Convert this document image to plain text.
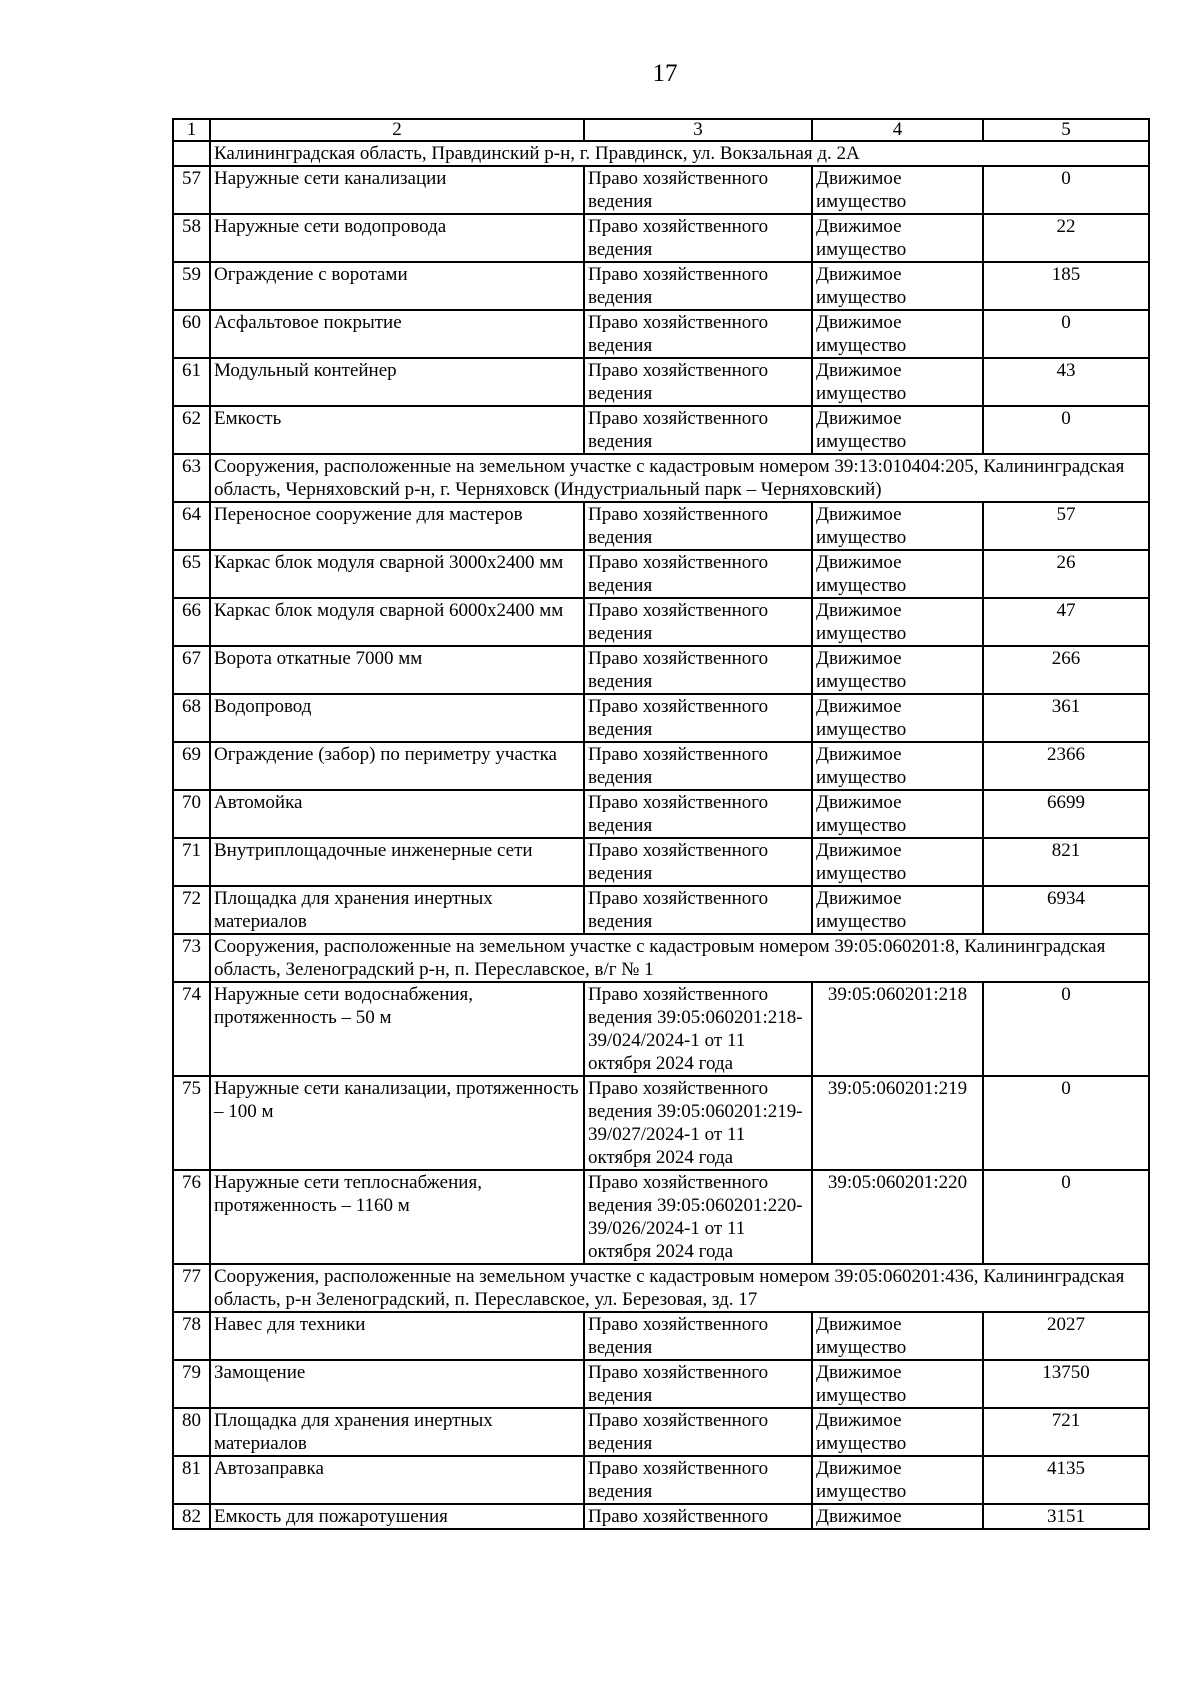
17
1	2	3	4	5
	Калининградская область, Правдинский р-н, г. Правдинск, ул. Вокзальная д. 2А			
57	Наружные сети канализации	Право хозяйственного ведения	Движимое имущество	0
58	Наружные сети водопровода	Право хозяйственного ведения	Движимое имущество	22
59	Ограждение с воротами	Право хозяйственного ведения	Движимое имущество	185
60	Асфальтовое покрытие	Право хозяйственного ведения	Движимое имущество	0
61	Модульный контейнер	Право хозяйственного ведения	Движимое имущество	43
62	Емкость	Право хозяйственного ведения	Движимое имущество	0
63	Сооружения, расположенные на земельном участке с кадастровым номером 39:13:010404:205, Калининградская область, Черняховский р-н, г. Черняховск (Индустриальный парк – Черняховский)			
64	Переносное сооружение для мастеров	Право хозяйственного ведения	Движимое имущество	57
65	Каркас блок модуля сварной 3000х2400 мм	Право хозяйственного ведения	Движимое имущество	26
66	Каркас блок модуля сварной 6000х2400 мм	Право хозяйственного ведения	Движимое имущество	47
67	Ворота откатные 7000 мм	Право хозяйственного ведения	Движимое имущество	266
68	Водопровод	Право хозяйственного ведения	Движимое имущество	361
69	Ограждение (забор) по периметру участка	Право хозяйственного ведения	Движимое имущество	2366
70	Автомойка	Право хозяйственного ведения	Движимое имущество	6699
71	Внутриплощадочные инженерные сети	Право хозяйственного ведения	Движимое имущество	821
72	Площадка для хранения инертных материалов	Право хозяйственного ведения	Движимое имущество	6934
73	Сооружения, расположенные на земельном участке с кадастровым номером 39:05:060201:8, Калининградская область, Зеленоградский р-н, п. Переславское, в/г № 1			
74	Наружные сети водоснабжения, протяженность – 50 м	Право хозяйственного ведения 39:05:060201:218- 39/024/2024-1 от 11 октября 2024 года	39:05:060201:218	0
75	Наружные сети канализации, протяженность – 100 м	Право хозяйственного ведения 39:05:060201:219- 39/027/2024-1 от 11 октября 2024 года	39:05:060201:219	0
76	Наружные сети теплоснабжения, протяженность – 1160 м	Право хозяйственного ведения 39:05:060201:220- 39/026/2024-1 от 11 октября 2024 года	39:05:060201:220	0
77	Сооружения, расположенные на земельном участке с кадастровым номером 39:05:060201:436, Калининградская область, р-н Зеленоградский, п. Переславское, ул. Березовая, зд. 17			
78	Навес для техники	Право хозяйственного ведения	Движимое имущество	2027
79	Замощение	Право хозяйственного ведения	Движимое имущество	13750
80	Площадка для хранения инертных материалов	Право хозяйственного ведения	Движимое имущество	721
81	Автозаправка	Право хозяйственного ведения	Движимое имущество	4135
82	Емкость для пожаротушения	Право хозяйственного	Движимое	3151
